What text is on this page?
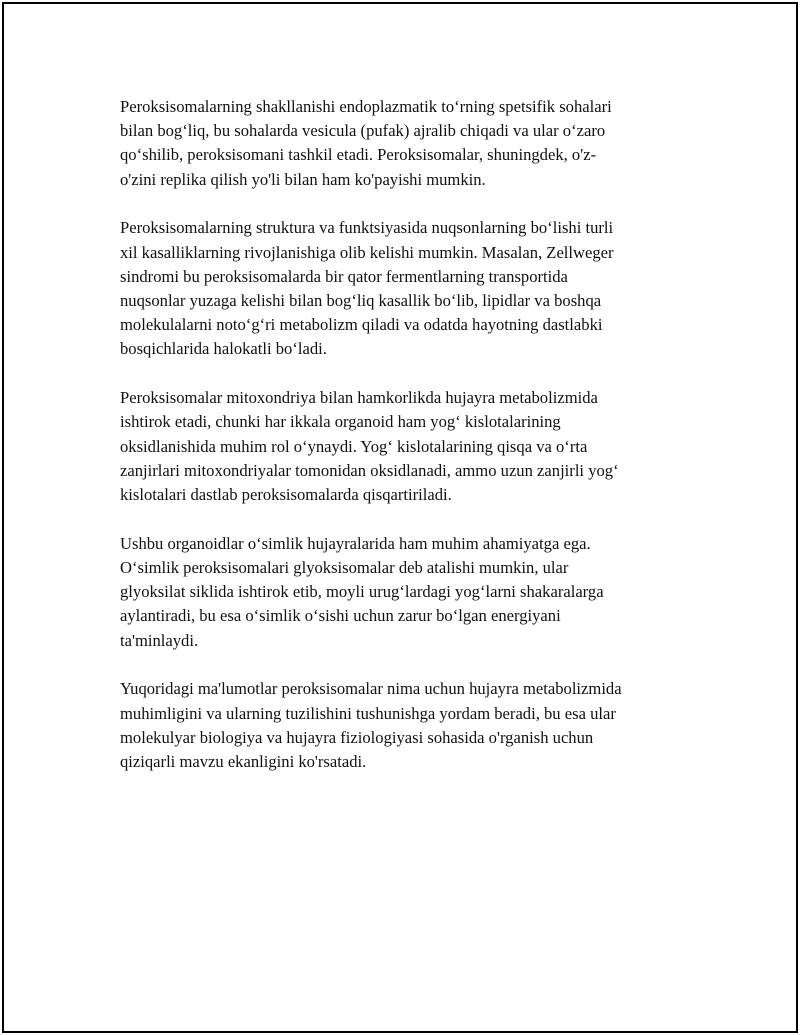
Peroksisomalarning shakllanishi endoplazmatik to‘rning spetsifik sohalari
bilan bog‘liq, bu sohalarda vesicula (pufak) ajralib chiqadi va ular o‘zaro
qo‘shilib, peroksisomani tashkil etadi. Peroksisomalar, shuningdek, o'z-
o'zini replika qilish yo'li bilan ham ko'payishi mumkin.

Peroksisomalarning struktura va funktsiyasida nuqsonlarning bo‘lishi turli
xil kasalliklarning rivojlanishiga olib kelishi mumkin. Masalan, Zellweger
sindromi bu peroksisomalarda bir qator fermentlarning transportida
nuqsonlar yuzaga kelishi bilan bog‘liq kasallik bo‘lib, lipidlar va boshqa
molekulalarni noto‘g‘ri metabolizm qiladi va odatda hayotning dastlabki
bosqichlarida halokatli bo‘ladi.

Peroksisomalar mitoxondriya bilan hamkorlikda hujayra metabolizmida
ishtirok etadi, chunki har ikkala organoid ham yog‘ kislotalarining
oksidlanishida muhim rol o‘ynaydi. Yog‘ kislotalarining qisqa va o‘rta
zanjirlari mitoxondriyalar tomonidan oksidlanadi, ammo uzun zanjirli yog‘
kislotalari dastlab peroksisomalarda qisqartiriladi.

Ushbu organoidlar o‘simlik hujayralarida ham muhim ahamiyatga ega.
O‘simlik peroksisomalari glyoksisomalar deb atalishi mumkin, ular
glyoksilat siklida ishtirok etib, moyli urug‘lardagi yog‘larni shakaralarga
aylantiradi, bu esa o‘simlik o‘sishi uchun zarur bo‘lgan energiyani
ta'minlaydi.

Yuqoridagi ma'lumotlar peroksisomalar nima uchun hujayra metabolizmida
muhimligini va ularning tuzilishini tushunishga yordam beradi, bu esa ular
molekulyar biologiya va hujayra fiziologiyasi sohasida o'rganish uchun
qiziqarli mavzu ekanligini ko'rsatadi.
